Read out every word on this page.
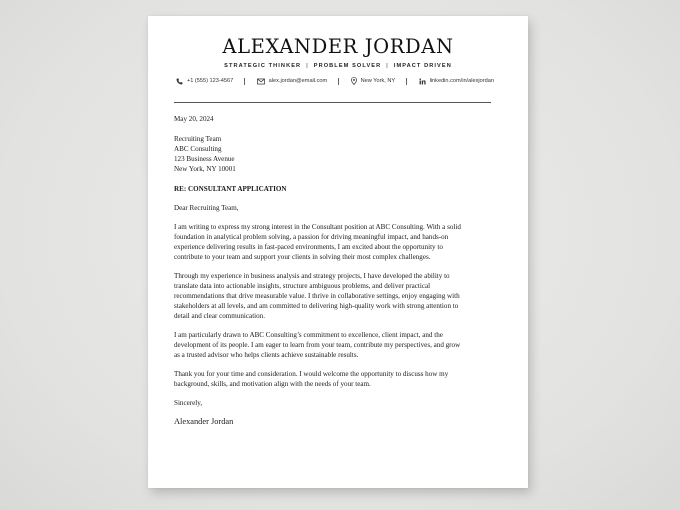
ALEXANDER JORDAN
STRATEGIC THINKER | PROBLEM SOLVER | IMPACT DRIVEN
+1 (555) 123-4567	alex.jordan@email.com	New York, NY	linkedin.com/in/alexjordan

May 20, 2024

Recruiting Team
ABC Consulting
123 Business Avenue
New York, NY 10001

RE: CONSULTANT APPLICATION

Dear Recruiting Team,

I am writing to express my strong interest in the Consultant position at ABC Consulting. With a solid
foundation in analytical problem solving, a passion for driving meaningful impact, and hands-on
experience delivering results in fast-paced environments, I am excited about the opportunity to
contribute to your team and support your clients in solving their most complex challenges.

Through my experience in business analysis and strategy projects, I have developed the ability to
translate data into actionable insights, structure ambiguous problems, and deliver practical
recommendations that drive measurable value. I thrive in collaborative settings, enjoy engaging with
stakeholders at all levels, and am committed to delivering high-quality work with strong attention to
detail and clear communication.

I am particularly drawn to ABC Consulting’s commitment to excellence, client impact, and the
development of its people. I am eager to learn from your team, contribute my perspectives, and grow
as a trusted advisor who helps clients achieve sustainable results.

Thank you for your time and consideration. I would welcome the opportunity to discuss how my
background, skills, and motivation align with the needs of your team.

Sincerely,

Alexander Jordan
